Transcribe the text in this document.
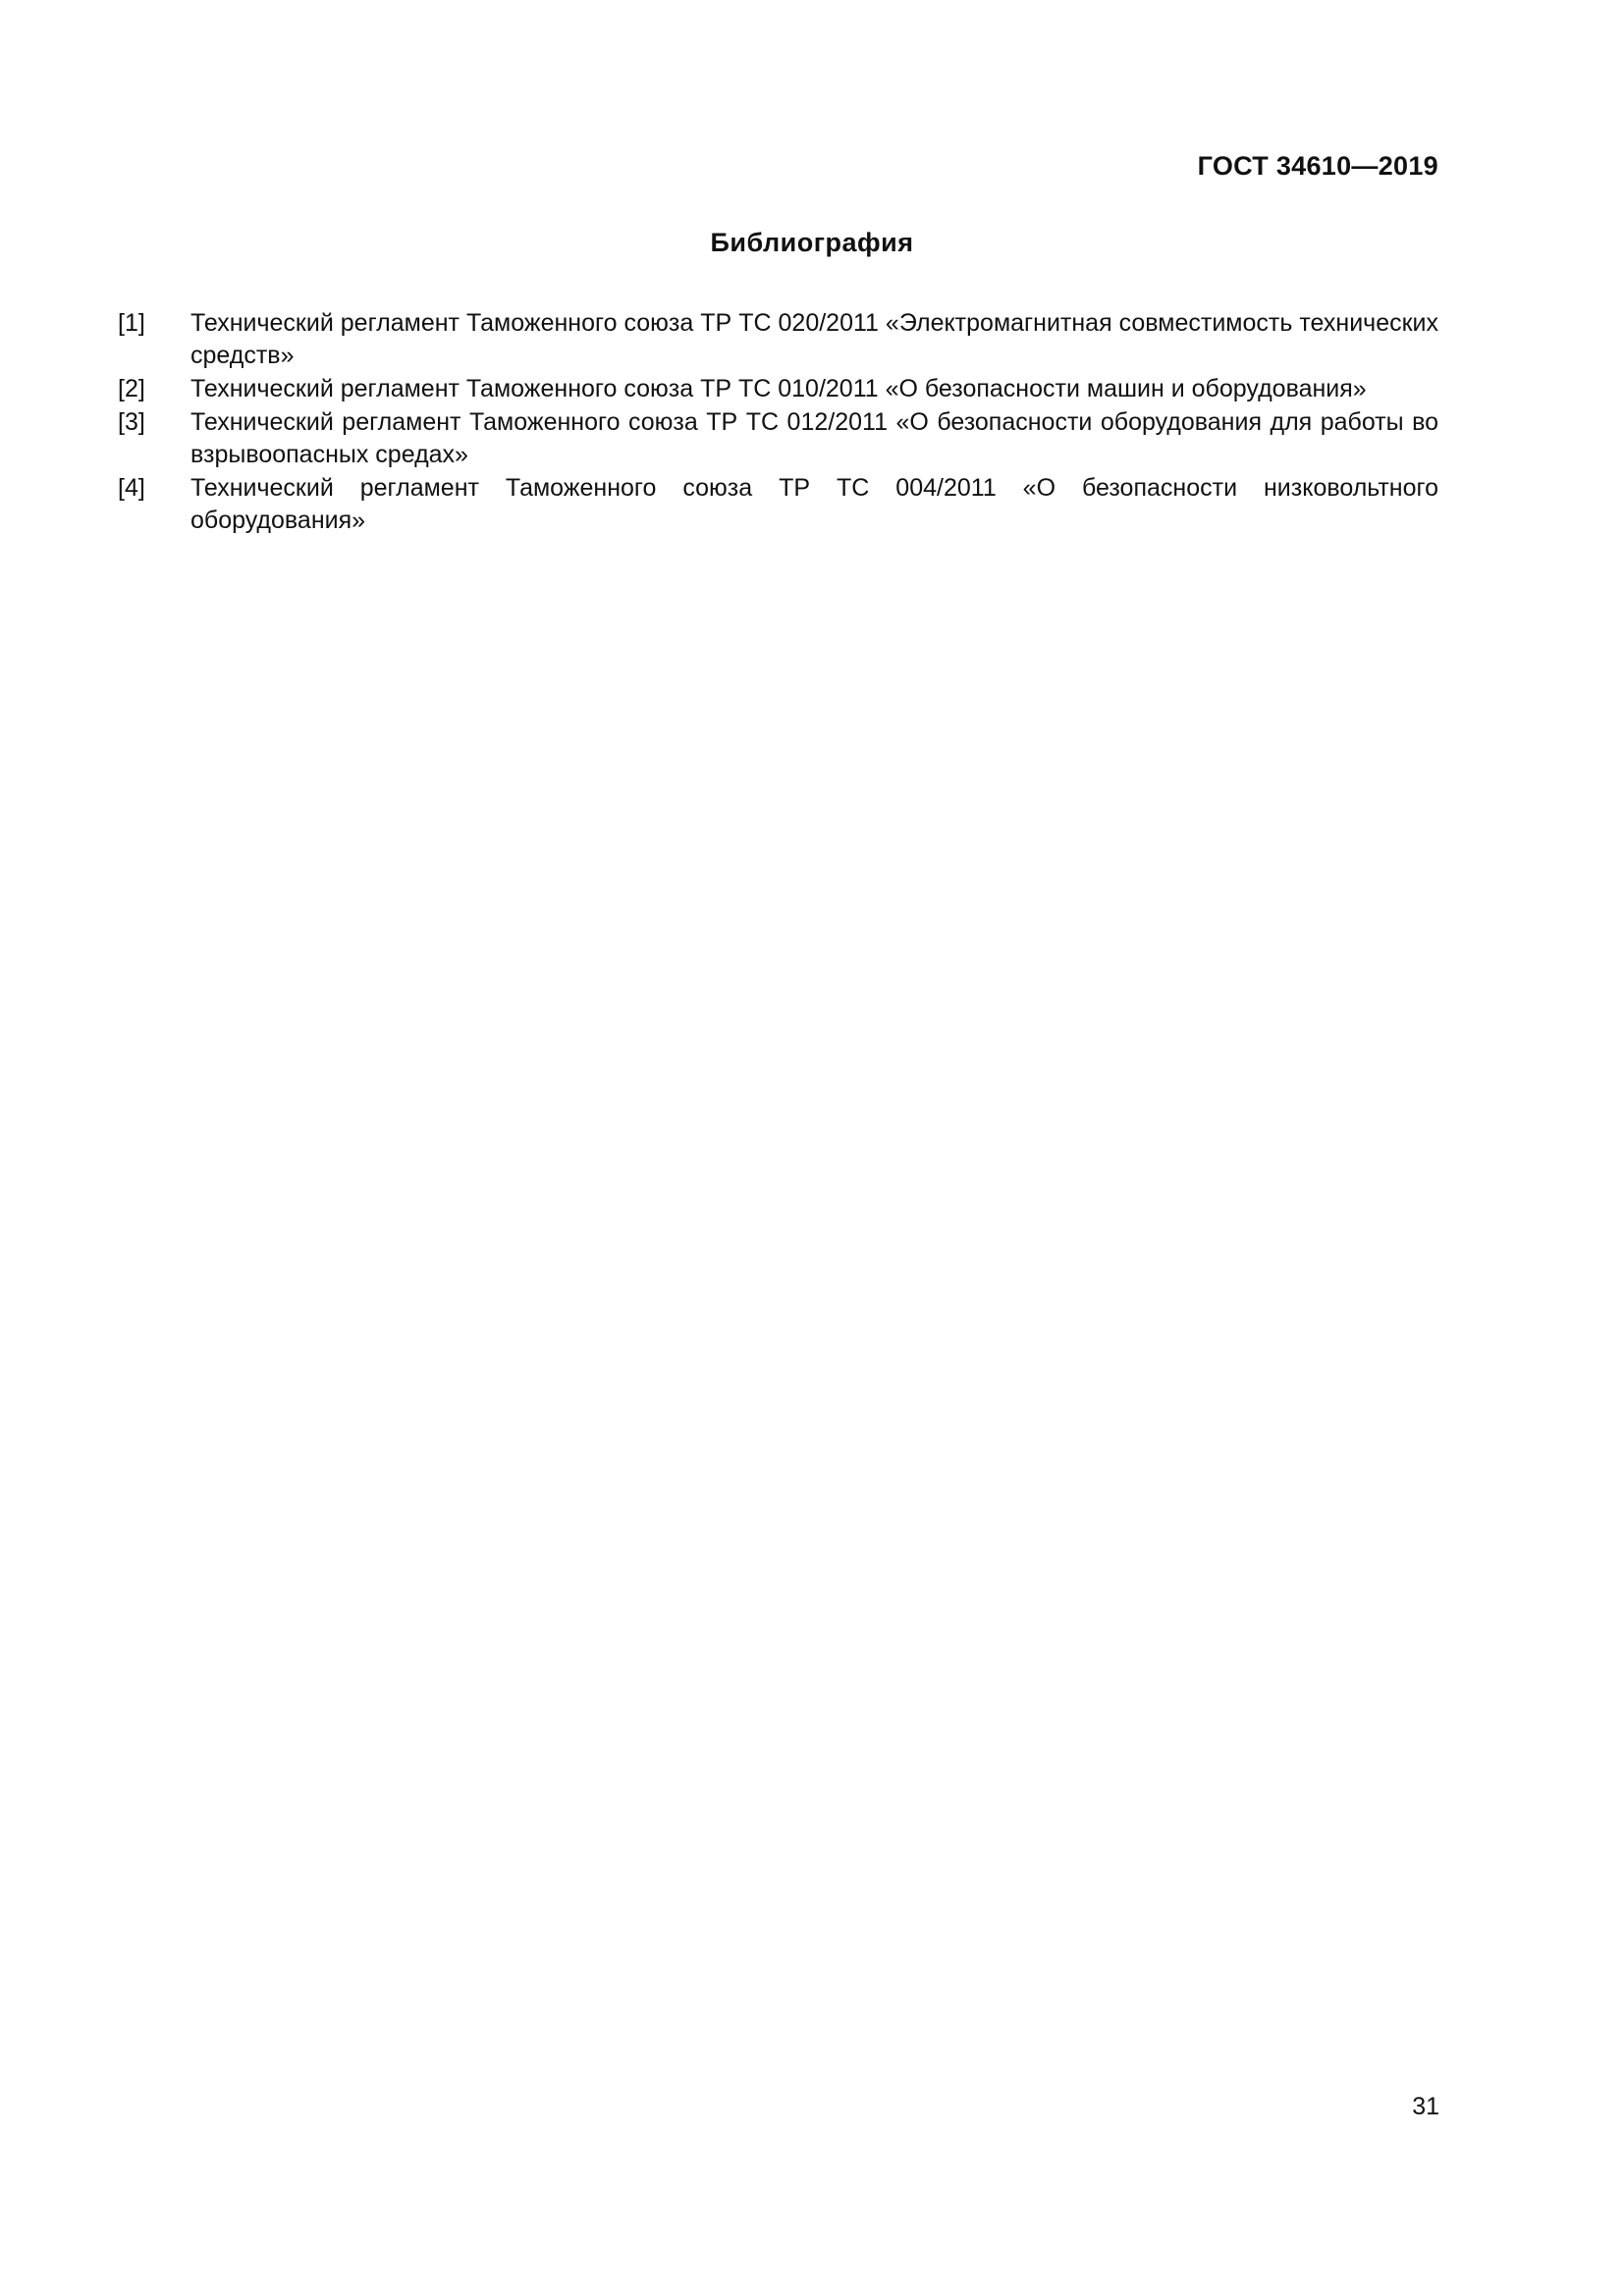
ГОСТ 34610—2019
Библиография
[1]	Технический регламент Таможенного союза ТР ТС 020/2011 «Электромагнитная совместимость технических средств»
[2]	Технический регламент Таможенного союза ТР ТС 010/2011 «О безопасности машин и оборудования»
[3]	Технический регламент Таможенного союза ТР ТС 012/2011 «О безопасности оборудования для работы во взрывоопасных средах»
[4]	Технический регламент Таможенного союза ТР ТС 004/2011 «О безопасности низковольтного оборудования»
31
